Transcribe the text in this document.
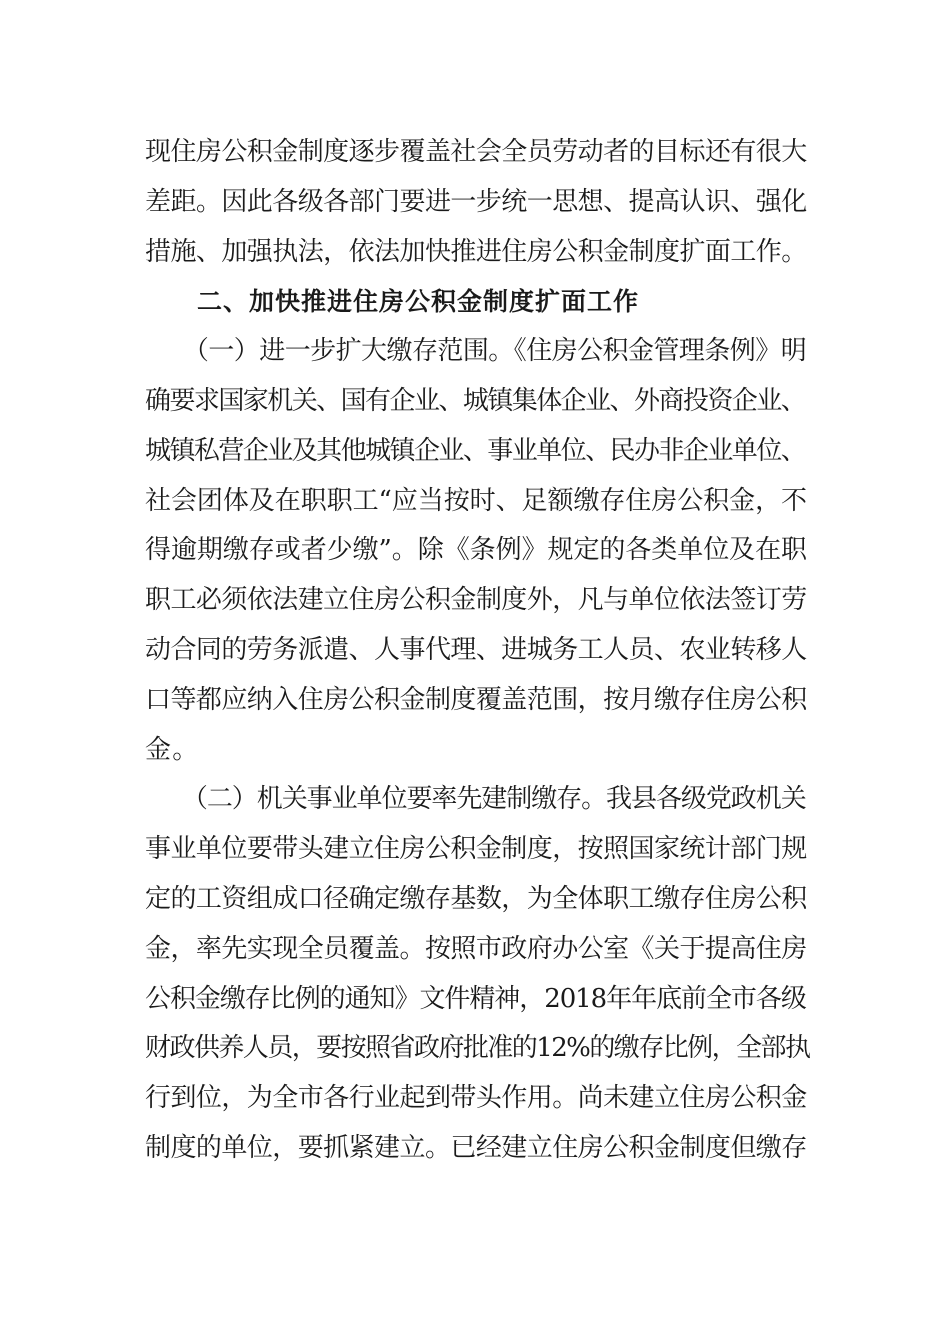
现住房公积金制度逐步覆盖社会全员劳动者的目标还有很大
差距。因此各级各部门要进一步统一思想、提高认识、强化
措施、加强执法，依法加快推进住房公积金制度扩面工作。
　　二、加快推进住房公积金制度扩面工作
　　（一）进一步扩大缴存范围。《住房公积金管理条例》明
确要求国家机关、国有企业、城镇集体企业、外商投资企业、
城镇私营企业及其他城镇企业、事业单位、民办非企业单位、
社会团体及在职职工“应当按时、足额缴存住房公积金，不
得逾期缴存或者少缴”。除《条例》规定的各类单位及在职
职工必须依法建立住房公积金制度外，凡与单位依法签订劳
动合同的劳务派遣、人事代理、进城务工人员、农业转移人
口等都应纳入住房公积金制度覆盖范围，按月缴存住房公积
金。
　　（二）机关事业单位要率先建制缴存。我县各级党政机关
事业单位要带头建立住房公积金制度，按照国家统计部门规
定的工资组成口径确定缴存基数，为全体职工缴存住房公积
金，率先实现全员覆盖。按照市政府办公室《关于提高住房
公积金缴存比例的通知》文件精神，2018年年底前全市各级
财政供养人员，要按照省政府批准的12%的缴存比例，全部执
行到位，为全市各行业起到带头作用。尚未建立住房公积金
制度的单位，要抓紧建立。已经建立住房公积金制度但缴存
